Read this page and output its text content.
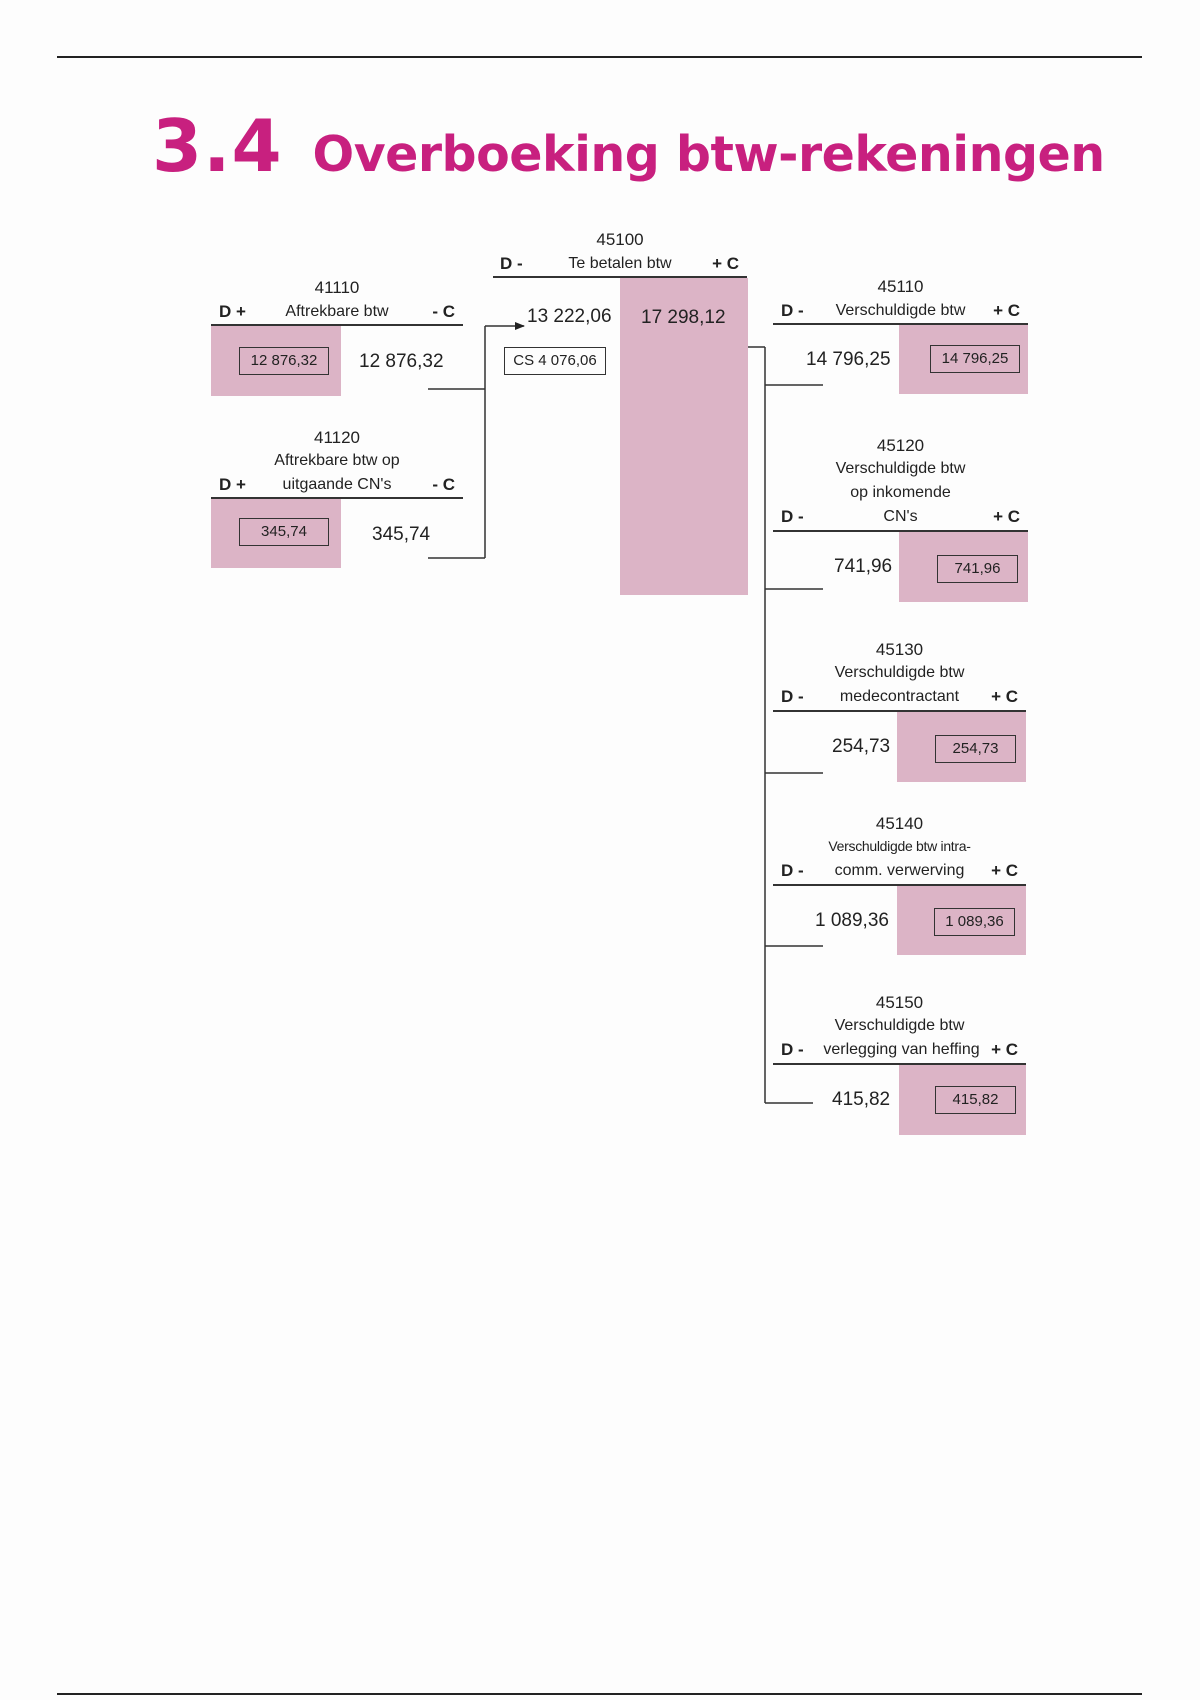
3.4 Overboeking btw-rekeningen
41110
D +	Aftrekbare btw	- C
12 876,32	12 876,32
41120
Aftrekbare btw op
D +	uitgaande CN's	- C
345,74	345,74
45100
D -	Te betalen btw	+ C
13 222,06 17 298,12
CS 4 076,06
45110
D -	Verschuldigde btw	+ C
14 796,25	14 796,25
45120
Verschuldigde btw
op inkomende
D -	CN's	+ C
741,96	741,96
45130
Verschuldigde btw
D -	medecontractant	+ C
254,73	254,73
45140
Verschuldigde btw intra-
D -	comm. verwerving	+ C
1 089,36	1 089,36
45150
Verschuldigde btw
D -	verlegging van heffing + C
415,82	415,82
